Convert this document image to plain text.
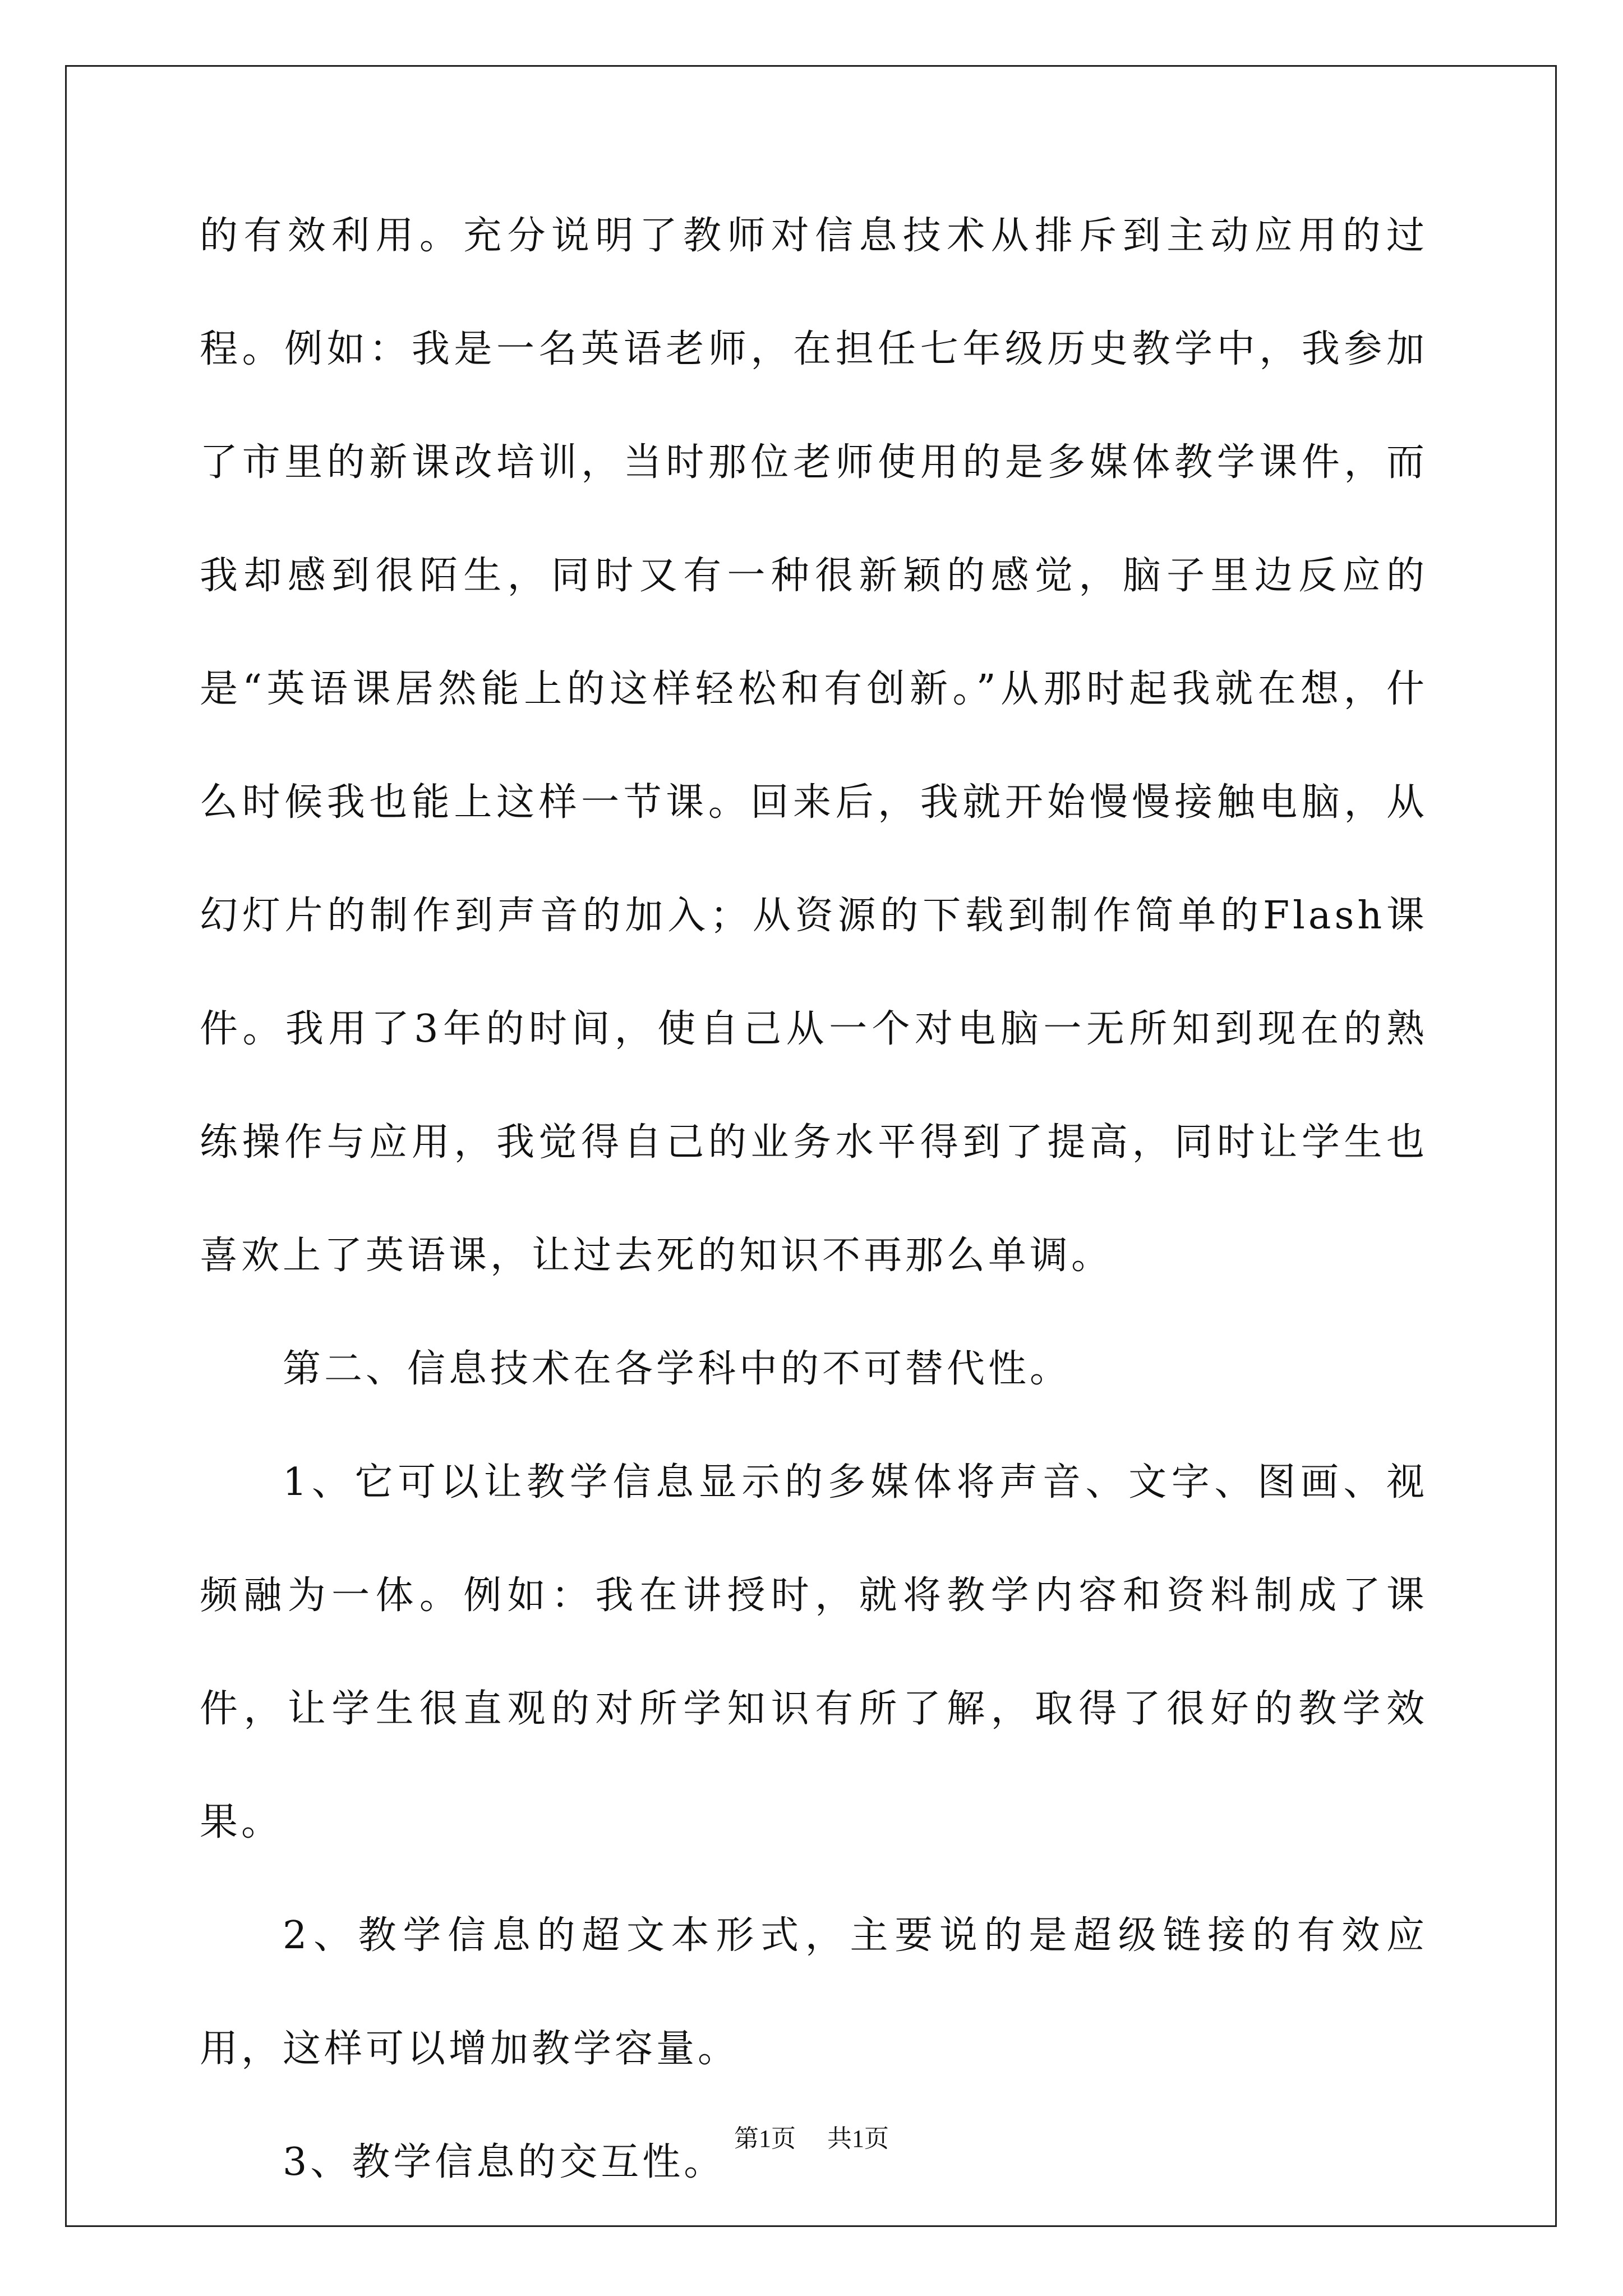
的有效利用。充分说明了教师对信息技术从排斥到主动应用的过程。例如：我是一名英语老师，在担任七年级历史教学中，我参加了市里的新课改培训，当时那位老师使用的是多媒体教学课件，而我却感到很陌生，同时又有一种很新颖的感觉，脑子里边反应的是“英语课居然能上的这样轻松和有创新。”从那时起我就在想，什么时候我也能上这样一节课。回来后，我就开始慢慢接触电脑，从幻灯片的制作到声音的加入；从资源的下载到制作简单的Flash课件。我用了3年的时间，使自己从一个对电脑一无所知到现在的熟练操作与应用，我觉得自己的业务水平得到了提高，同时让学生也喜欢上了英语课，让过去死的知识不再那么单调。

第二、信息技术在各学科中的不可替代性。

1、它可以让教学信息显示的多媒体将声音、文字、图画、视频融为一体。例如：我在讲授时，就将教学内容和资料制成了课件，让学生很直观的对所学知识有所了解，取得了很好的教学效果。

2、教学信息的超文本形式，主要说的是超级链接的有效应用，这样可以增加教学容量。

3、教学信息的交互性。

第1页 共1页
